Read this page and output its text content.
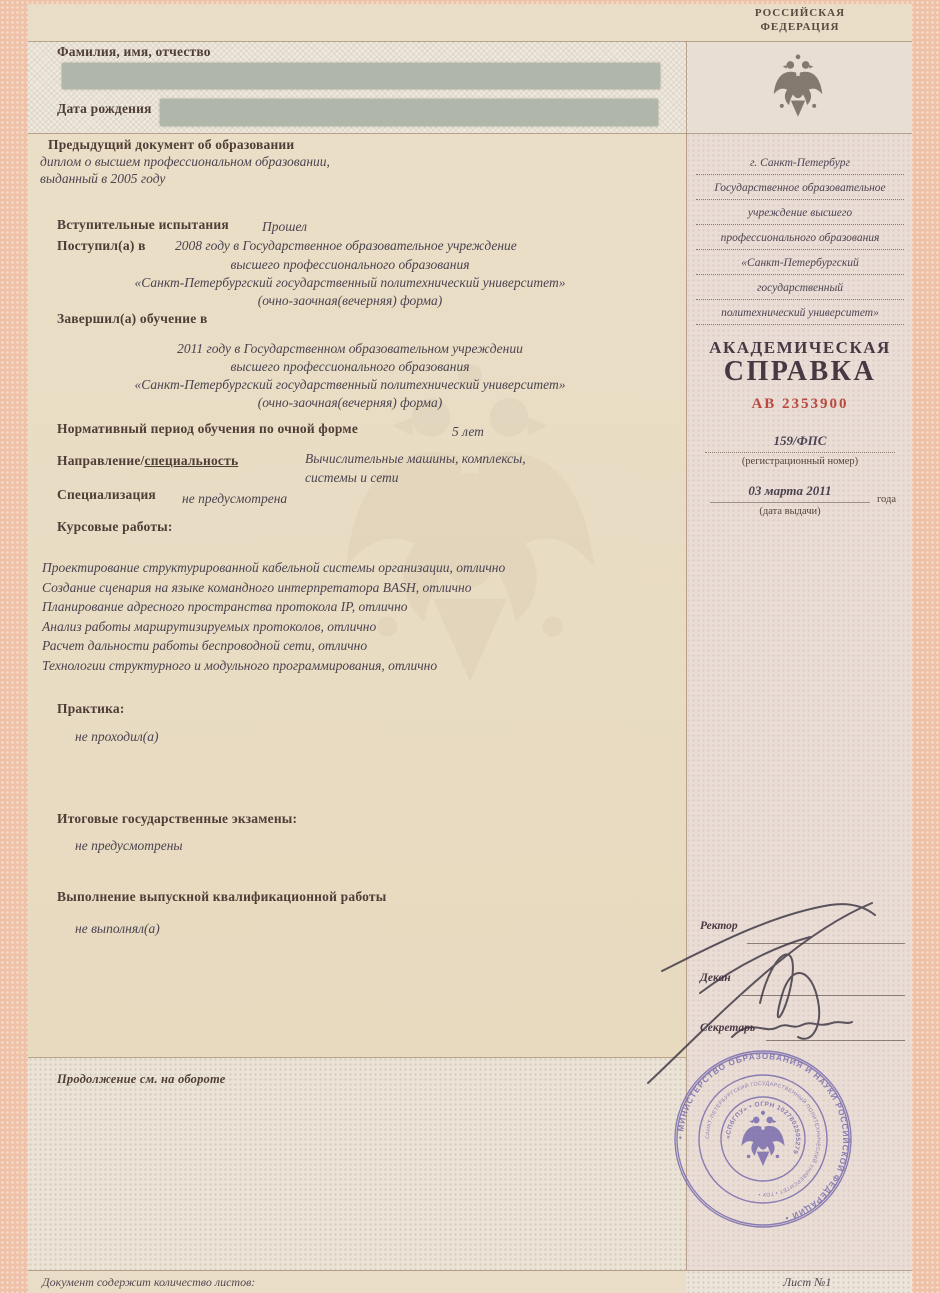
РОССИЙСКАЯ
ФЕДЕРАЦИЯ
Фамилия, имя, отчество
Дата рождения
Предыдущий документ об образовании
диплом о высшем профессиональном образовании,
выданный в 2005 году
Вступительные испытания Прошел
Поступил(а) в 2008 году в Государственное образовательное учреждение
высшего профессионального образования
«Санкт-Петербургский государственный политехнический университет»
(очно-заочная(вечерняя) форма)
Завершил(а) обучение в
2011 году в Государственном образовательном учреждении
высшего профессионального образования
«Санкт-Петербургский государственный политехнический университет»
(очно-заочная(вечерняя) форма)
Нормативный период обучения по очной форме	5 лет
Направление/специальность	Вычислительные машины, комплексы,
системы и сети
Специализация не предусмотрена
Курсовые работы:
Проектирование структурированной кабельной системы организации, отлично
Создание сценария на языке командного интерпретатора BASH, отлично
Планирование адресного пространства протокола IP, отлично
Анализ работы маршрутизируемых протоколов, отлично
Расчет дальности работы беспроводной сети, отлично
Технологии структурного и модульного программирования, отлично
Практика:
не проходил(а)
Итоговые государственные экзамены:
не предусмотрены
Выполнение выпускной квалификационной работы
не выполнял(а)
Продолжение см. на обороте
Документ содержит количество листов:	Лист №1
г. Санкт-Петербург
Государственное образовательное
учреждение высшего
профессионального образования
«Санкт-Петербургский
государственный
политехнический университет»
АКАДЕМИЧЕСКАЯ
СПРАВКА
АВ 2353900
159/ФПС
(регистрационный номер)
03 марта 2011
года
(дата выдачи)
Ректор
Декан
Секретарь
• МИНИСТЕРСТВО ОБРАЗОВАНИЯ И НАУКИ РОССИЙСКОЙ ФЕДЕРАЦИИ •
САНКТ-ПЕТЕРБУРГСКИЙ ГОСУДАРСТВЕННЫЙ ПОЛИТЕХНИЧЕСКИЙ УНИВЕРСИТЕТ • ГОУ •
«СПбГПУ» • ОГРН 1027802505279
